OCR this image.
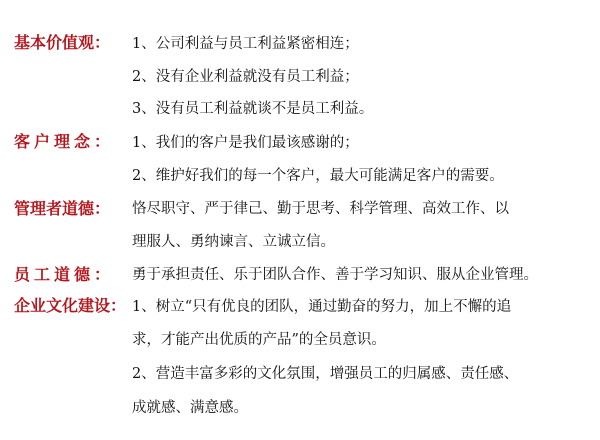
基本价值观： 1、公司利益与员工利益紧密相连；
2、没有企业利益就没有员工利益；
3、没有员工利益就谈不是员工利益。
客户理念： 1、我们的客户是我们最该感谢的；
2、维护好我们的每一个客户，最大可能满足客户的需要。
管理者道德： 恪尽职守、严于律己、勤于思考、科学管理、高效工作、以
理服人、勇纳谏言、立诚立信。
员工道德： 勇于承担责任、乐于团队合作、善于学习知识、服从企业管理。
企业文化建设： 1、树立“只有优良的团队，通过勤奋的努力，加上不懈的追
求，才能产出优质的产品”的全员意识。
2、营造丰富多彩的文化氛围，增强员工的归属感、责任感、
成就感、满意感。
